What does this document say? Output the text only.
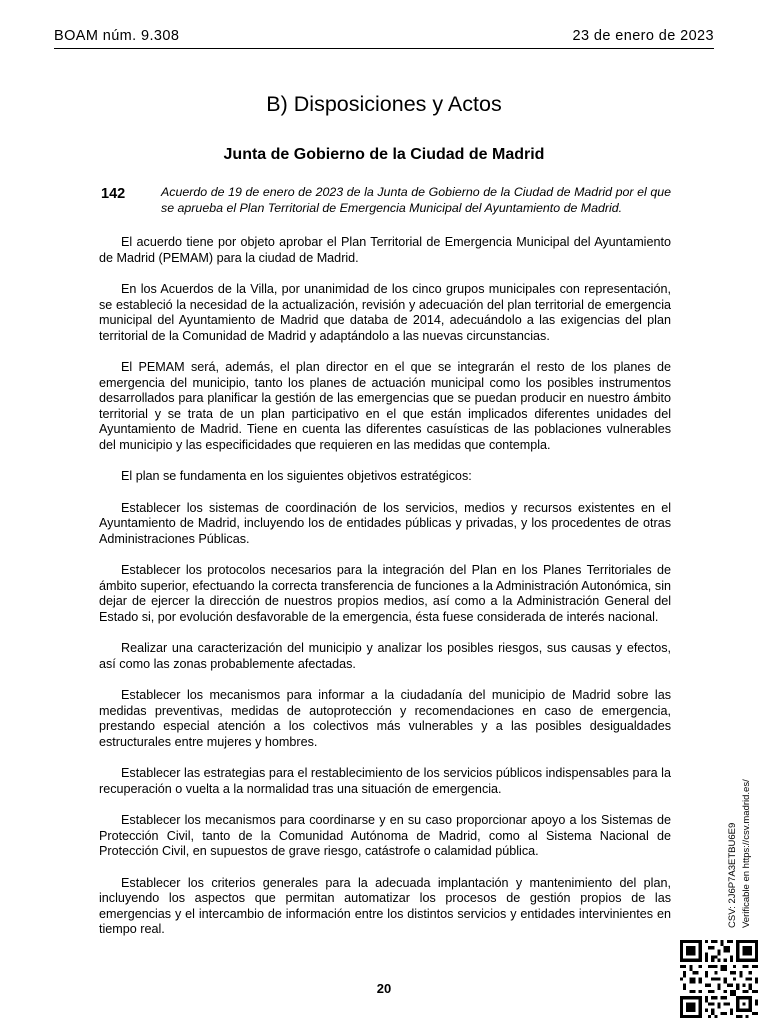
BOAM núm. 9.308	23 de enero de 2023
B) Disposiciones y Actos
Junta de Gobierno de la Ciudad de Madrid
142	Acuerdo de 19 de enero de 2023 de la Junta de Gobierno de la Ciudad de Madrid por el que se aprueba el Plan Territorial de Emergencia Municipal del Ayuntamiento de Madrid.

El acuerdo tiene por objeto aprobar el Plan Territorial de Emergencia Municipal del Ayuntamiento de Madrid (PEMAM) para la ciudad de Madrid.

En los Acuerdos de la Villa, por unanimidad de los cinco grupos municipales con representación, se estableció la necesidad de la actualización, revisión y adecuación del plan territorial de emergencia municipal del Ayuntamiento de Madrid que databa de 2014, adecuándolo a las exigencias del plan territorial de la Comunidad de Madrid y adaptándolo a las nuevas circunstancias.

El PEMAM será, además, el plan director en el que se integrarán el resto de los planes de emergencia del municipio, tanto los planes de actuación municipal como los posibles instrumentos desarrollados para planificar la gestión de las emergencias que se puedan producir en nuestro ámbito territorial y se trata de un plan participativo en el que están implicados diferentes unidades del Ayuntamiento de Madrid. Tiene en cuenta las diferentes casuísticas de las poblaciones vulnerables del municipio y las especificidades que requieren en las medidas que contempla.

El plan se fundamenta en los siguientes objetivos estratégicos:

Establecer los sistemas de coordinación de los servicios, medios y recursos existentes en el Ayuntamiento de Madrid, incluyendo los de entidades públicas y privadas, y los procedentes de otras Administraciones Públicas.

Establecer los protocolos necesarios para la integración del Plan en los Planes Territoriales de ámbito superior, efectuando la correcta transferencia de funciones a la Administración Autonómica, sin dejar de ejercer la dirección de nuestros propios medios, así como a la Administración General del Estado si, por evolución desfavorable de la emergencia, ésta fuese considerada de interés nacional.

Realizar una caracterización del municipio y analizar los posibles riesgos, sus causas y efectos, así como las zonas probablemente afectadas.

Establecer los mecanismos para informar a la ciudadanía del municipio de Madrid sobre las medidas preventivas, medidas de autoprotección y recomendaciones en caso de emergencia, prestando especial atención a los colectivos más vulnerables y a las posibles desigualdades estructurales entre mujeres y hombres.

Establecer las estrategias para el restablecimiento de los servicios públicos indispensables para la recuperación o vuelta a la normalidad tras una situación de emergencia.

Establecer los mecanismos para coordinarse y en su caso proporcionar apoyo a los Sistemas de Protección Civil, tanto de la Comunidad Autónoma de Madrid, como al Sistema Nacional de Protección Civil, en supuestos de grave riesgo, catástrofe o calamidad pública.

Establecer los criterios generales para la adecuada implantación y mantenimiento del plan, incluyendo los aspectos que permitan automatizar los procesos de gestión propios de las emergencias y el intercambio de información entre los distintos servicios y entidades intervinientes en tiempo real.

20
CSV: 2J6P7A3ETBU6E9 Verificable en https://csv.madrid.es/
